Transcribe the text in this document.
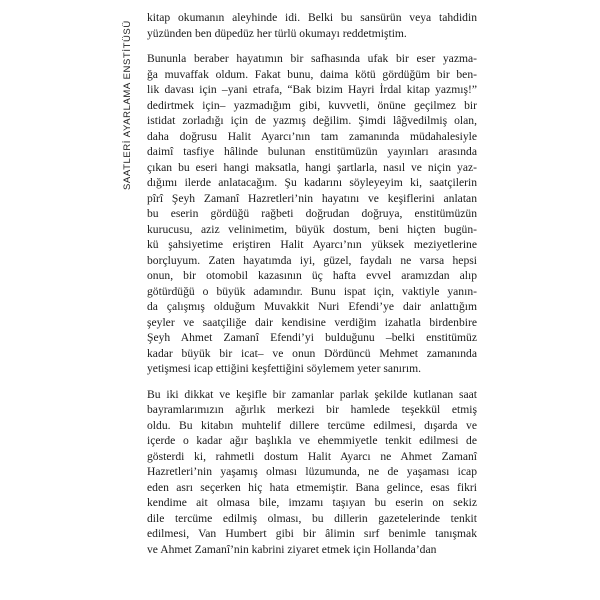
SAATLERİ AYARLAMA ENSTİTÜSÜ

kitap okumanın aleyhinde idi. Belki bu sansürün veya tahdidin
yüzünden ben düpedüz her türlü okumayı reddetmiştim.

Bununla beraber hayatımın bir safhasında ufak bir eser yazma-
ğa muvaffak oldum. Fakat bunu, daima kötü gördüğüm bir ben-
lik davası için –yani etrafa, “Bak bizim Hayri İrdal kitap yazmış!”
dedirtmek için– yazmadığım gibi, kuvvetli, önüne geçilmez bir
istidat zorladığı için de yazmış değilim. Şimdi lâğvedilmiş olan,
daha doğrusu Halit Ayarcı’nın tam zamanında müdahalesiyle
daimî tasfiye hâlinde bulunan enstitümüzün yayınları arasında
çıkan bu eseri hangi maksatla, hangi şartlarla, nasıl ve niçin yaz-
dığımı ilerde anlatacağım. Şu kadarını söyleyeyim ki, saatçilerin
pîrî Şeyh Zamanî Hazretleri’nin hayatını ve keşiflerini anlatan
bu eserin gördüğü rağbeti doğrudan doğruya, enstitümüzün
kurucusu, aziz velinimetim, büyük dostum, beni hiçten bugün-
kü şahsiyetime eriştiren Halit Ayarcı’nın yüksek meziyetlerine
borçluyum. Zaten hayatımda iyi, güzel, faydalı ne varsa hepsi
onun, bir otomobil kazasının üç hafta evvel aramızdan alıp
götürdüğü o büyük adamındır. Bunu ispat için, vaktiyle yanın-
da çalışmış olduğum Muvakkit Nuri Efendi’ye dair anlattığım
şeyler ve saatçiliğe dair kendisine verdiğim izahatla birdenbire
Şeyh Ahmet Zamanî Efendi’yi bulduğunu –belki enstitümüz
kadar büyük bir icat– ve onun Dördüncü Mehmet zamanında
yetişmesi icap ettiğini keşfettiğini söylemem yeter sanırım.

Bu iki dikkat ve keşifle bir zamanlar parlak şekilde kutlanan saat
bayramlarımızın ağırlık merkezi bir hamlede teşekkül etmiş
oldu. Bu kitabın muhtelif dillere tercüme edilmesi, dışarda ve
içerde o kadar ağır başlıkla ve ehemmiyetle tenkit edilmesi de
gösterdi ki, rahmetli dostum Halit Ayarcı ne Ahmet Zamanî
Hazretleri’nin yaşamış olması lüzumunda, ne de yaşaması icap
eden asrı seçerken hiç hata etmemiştir. Bana gelince, esas fikri
kendime ait olmasa bile, imzamı taşıyan bu eserin on sekiz
dile tercüme edilmiş olması, bu dillerin gazetelerinde tenkit
edilmesi, Van Humbert gibi bir âlimin sırf benimle tanışmak
ve Ahmet Zamanî’nin kabrini ziyaret etmek için Hollanda’dan
